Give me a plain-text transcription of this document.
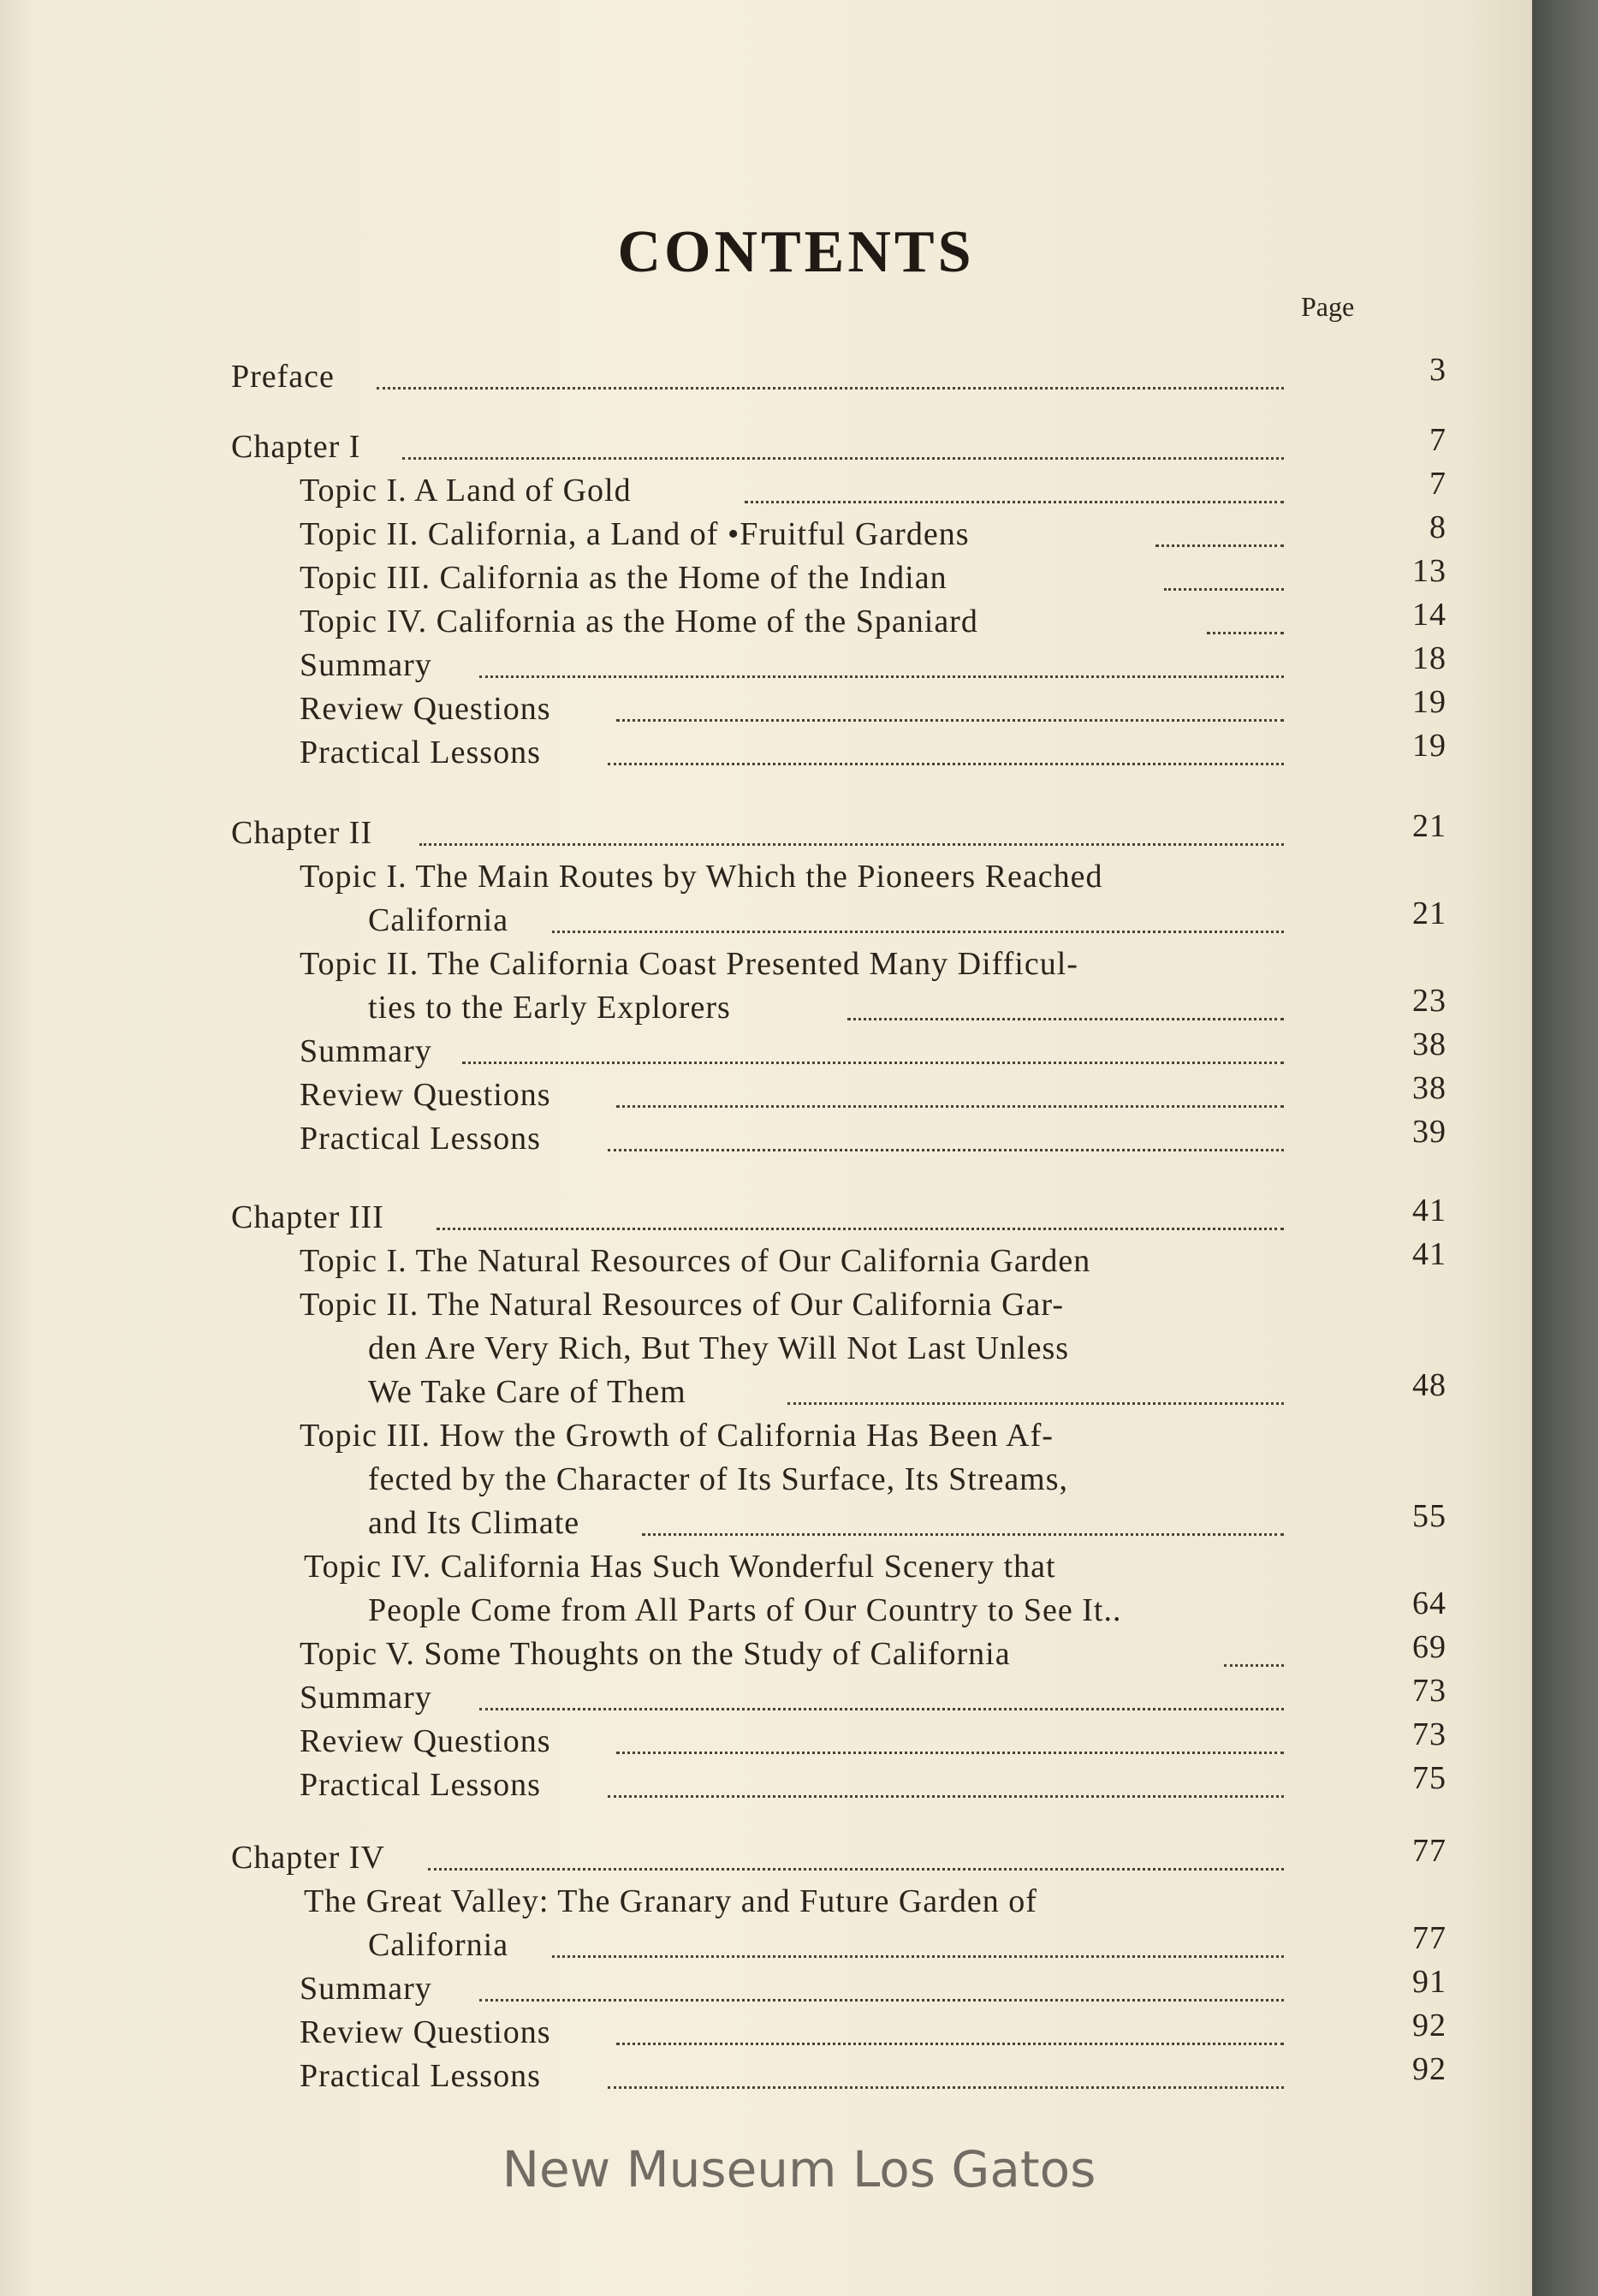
CONTENTS
Page
Preface	3
Chapter I	7
Topic I. A Land of Gold	7
Topic II. California, a Land of •Fruitful Gardens	8
Topic III. California as the Home of the Indian	13
Topic IV. California as the Home of the Spaniard	14
Summary	18
Review Questions	19
Practical Lessons	19
Chapter II	21
Topic I. The Main Routes by Which the Pioneers Reached
California	21
Topic II. The California Coast Presented Many Difficul-
ties to the Early Explorers	23
Summary	38
Review Questions	38
Practical Lessons	39
Chapter III	41
Topic I. The Natural Resources of Our California Garden	41
Topic II. The Natural Resources of Our California Gar-
den Are Very Rich, But They Will Not Last Unless
We Take Care of Them	48
Topic III. How the Growth of California Has Been Af-
fected by the Character of Its Surface, Its Streams,
and Its Climate	55
Topic IV. California Has Such Wonderful Scenery that
People Come from All Parts of Our Country to See It..	64
Topic V. Some Thoughts on the Study of California	69
Summary	73
Review Questions	73
Practical Lessons	75
Chapter IV	77
The Great Valley: The Granary and Future Garden of
California	77
Summary	91
Review Questions	92
Practical Lessons	92
New Museum Los Gatos
